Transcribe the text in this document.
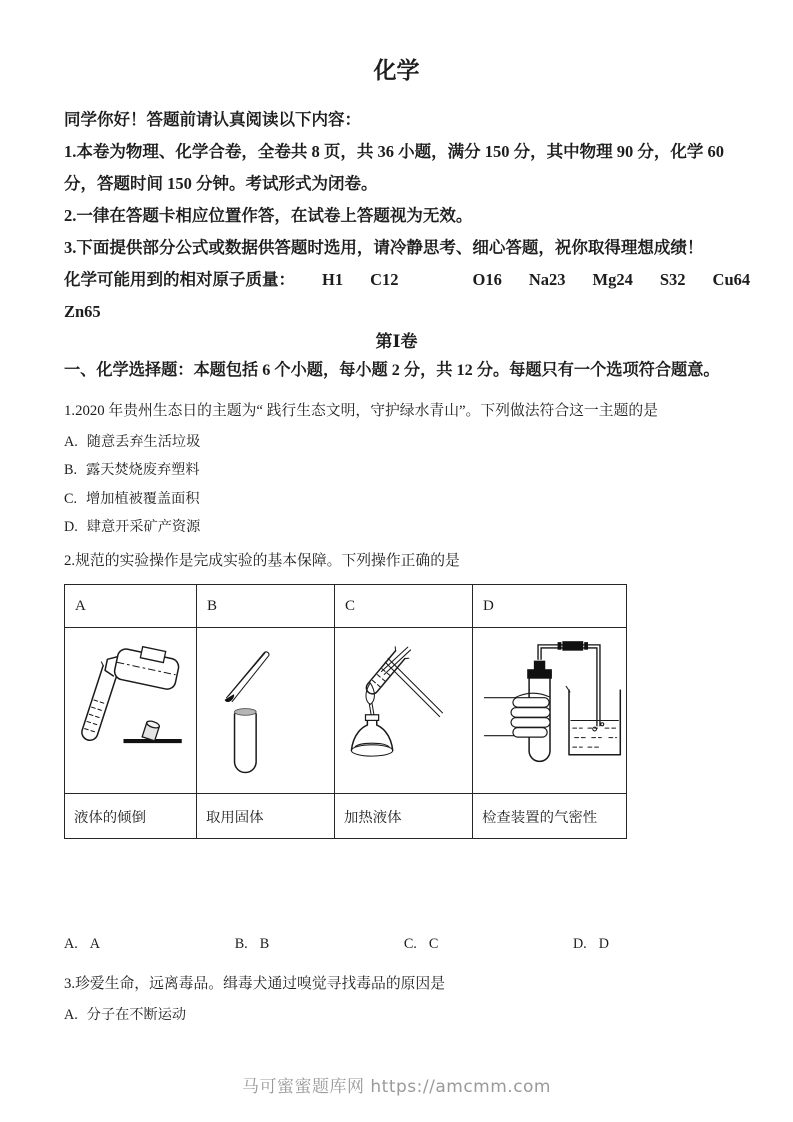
化学

同学你好！答题前请认真阅读以下内容：

1.本卷为物理、化学合卷，全卷共 8 页，共 36 小题，满分 150 分，其中物理 90 分，化学 60

分，答题时间 150 分钟。考试形式为闭卷。

2.一律在答题卡相应位置作答，在试卷上答题视为无效。

3.下面提供部分公式或数据供答题时选用，请冷静思考、细心答题，祝你取得理想成绩！

化学可能用到的相对原子质量： H1 C12	O16 Na23 Mg24 S32 Cu64

Zn65

第Ⅰ卷

一、化学选择题：本题包括 6 个小题，每小题 2 分，共 12 分。每题只有一个选项符合题意。

1.2020 年贵州生态日的主题为“ 践行生态文明，守护绿水青山”。下列做法符合这一主题的是

A. 随意丢弃生活垃圾

B. 露天焚烧废弃塑料

C. 增加植被覆盖面积

D. 肆意开采矿产资源

2.规范的实验操作是完成实验的基本保障。下列操作正确的是

A	B	C	D

液体的倾倒	取用固体	加热液体	检查装置的气密性
A. A	B. B	C. C	D. D

3.珍爱生命，远离毒品。缉毒犬通过嗅觉寻找毒品的原因是

A. 分子在不断运动

马可蜜蜜题库网 https://amcmm.com
